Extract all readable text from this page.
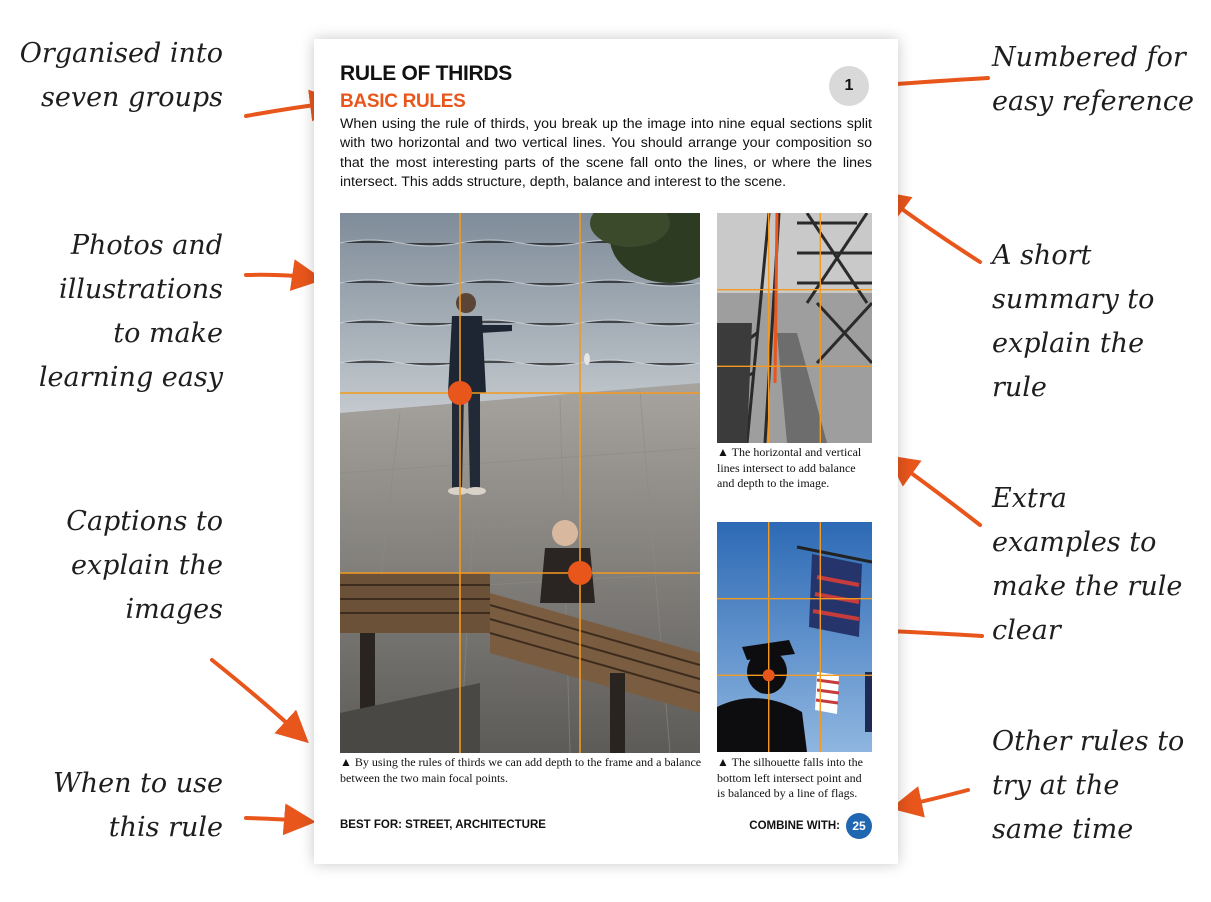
Organised into
seven groups
Photos and
illustrations
to make
learning easy
Captions to
explain the
images
When to use
this rule
Numbered for
easy reference
A short
summary to
explain the
rule
Extra
examples to
make the rule
clear
Other rules to
try at the
same time
RULE OF THIRDS
BASIC RULES
1

When using the rule of thirds, you break up the image into nine equal sections split with two horizontal and two vertical lines. You should arrange your composition so that the most interesting parts of the scene fall onto the lines, or where the lines intersect. This adds structure, depth, balance and interest to the scene.

▲ The horizontal and vertical lines intersect to add balance and depth to the image.

▲ The silhouette falls into the bottom left intersect point and is balanced by a line of flags.

▲ By using the rules of thirds we can add depth to the frame and a balance between the two main focal points.

BEST FOR: STREET, ARCHITECTURE	COMBINE WITH:	25
